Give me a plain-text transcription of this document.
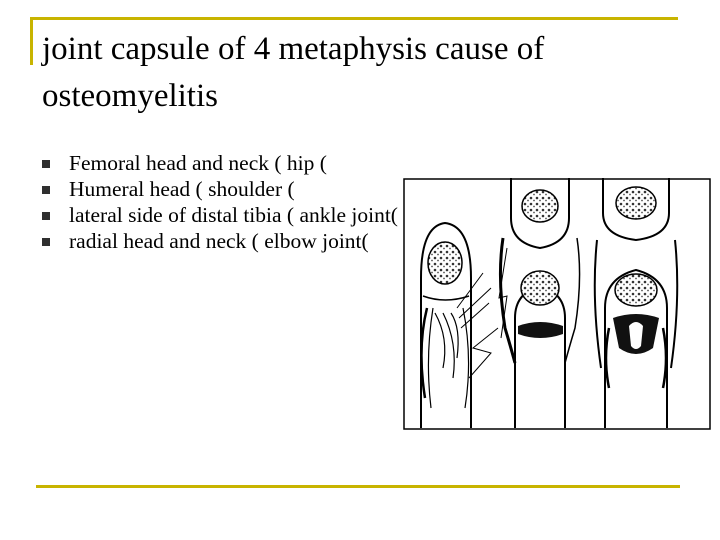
joint capsule of 4 metaphysis cause of osteomyelitis
Femoral head and neck ( hip (
Humeral head ( shoulder (
lateral side of distal tibia ( ankle joint(
radial head and neck ( elbow joint(
